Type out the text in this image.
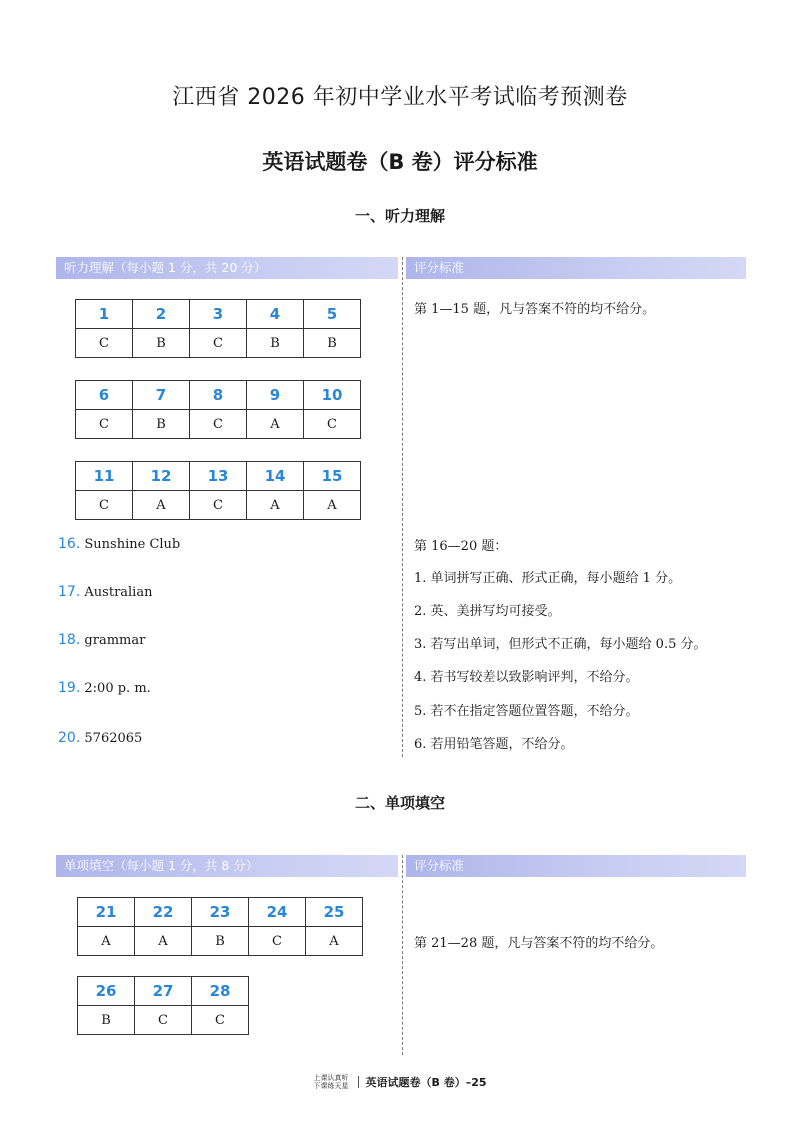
江西省 2026 年初中学业水平考试临考预测卷
英语试题卷（B 卷）评分标准
一、听力理解
听力理解（每小题 1 分，共 20 分）	评分标准
1	2	3	4	5
C	B	C	B	B
6	7	8	9	10
C	B	C	A	C
11	12	13	14	15
C	A	C	A	A
16. Sunshine Club
17. Australian
18. grammar
19. 2:00 p. m.
20. 5762065
第 1—15 题，凡与答案不符的均不给分。
第 16—20 题：
1. 单词拼写正确、形式正确，每小题给 1 分。
2. 英、美拼写均可接受。
3. 若写出单词，但形式不正确，每小题给 0.5 分。
4. 若书写较差以致影响评判，不给分。
5. 若不在指定答题位置答题，不给分。
6. 若用铅笔答题，不给分。
二、单项填空
单项填空（每小题 1 分，共 8 分）	评分标准
21	22	23	24	25
A	A	B	C	A
26	27	28
B	C	C
第 21—28 题，凡与答案不符的均不给分。
上课认真听
下课练天星 英语试题卷（B 卷）–25
